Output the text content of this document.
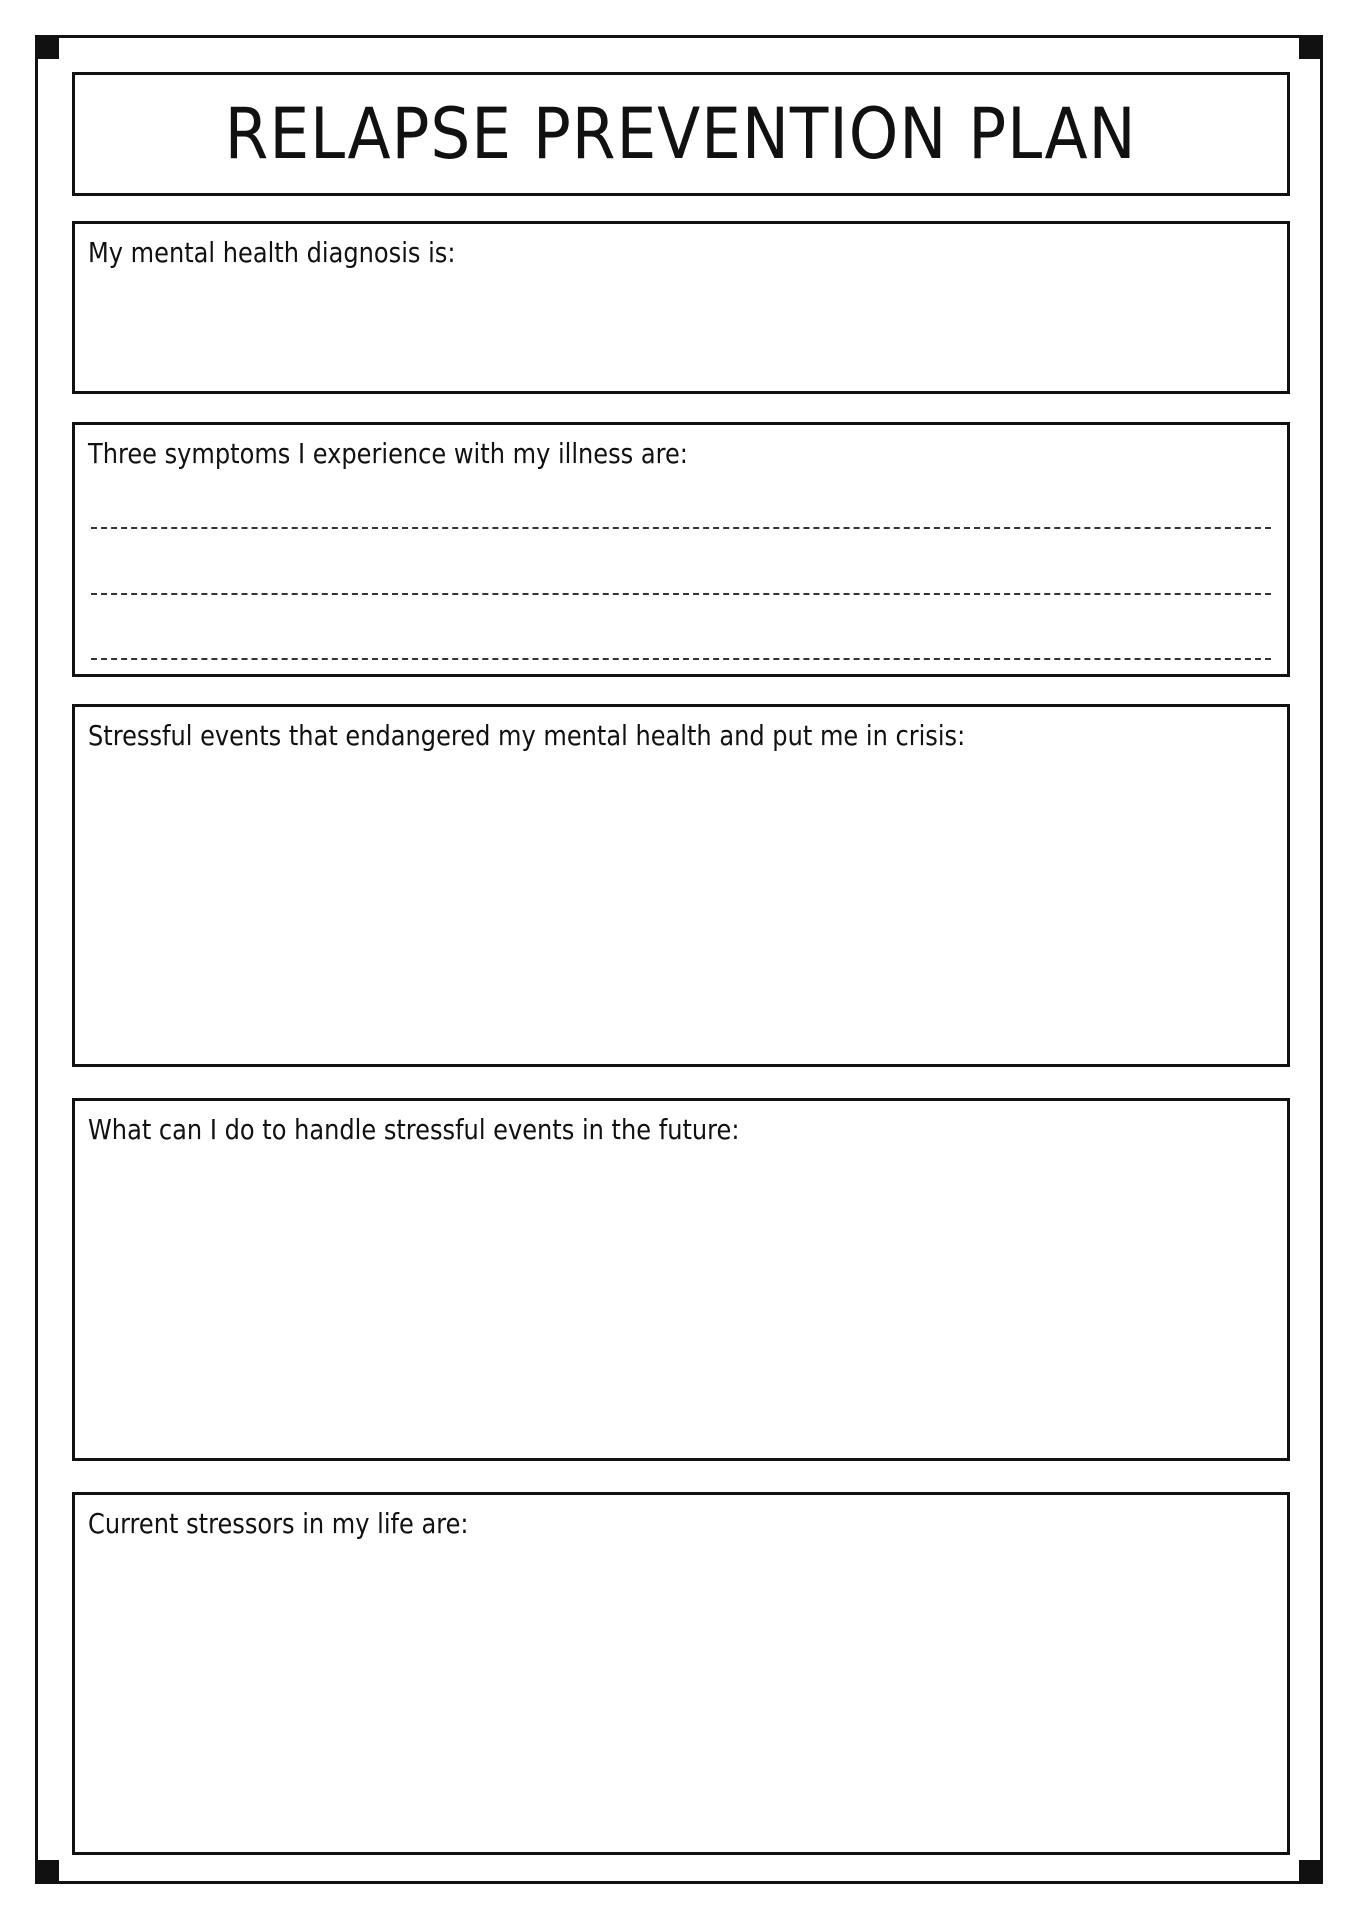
RELAPSE PREVENTION PLAN
My mental health diagnosis is:
Three symptoms I experience with my illness are:
Stressful events that endangered my mental health and put me in crisis:
What can I do to handle stressful events in the future:
Current stressors in my life are:
